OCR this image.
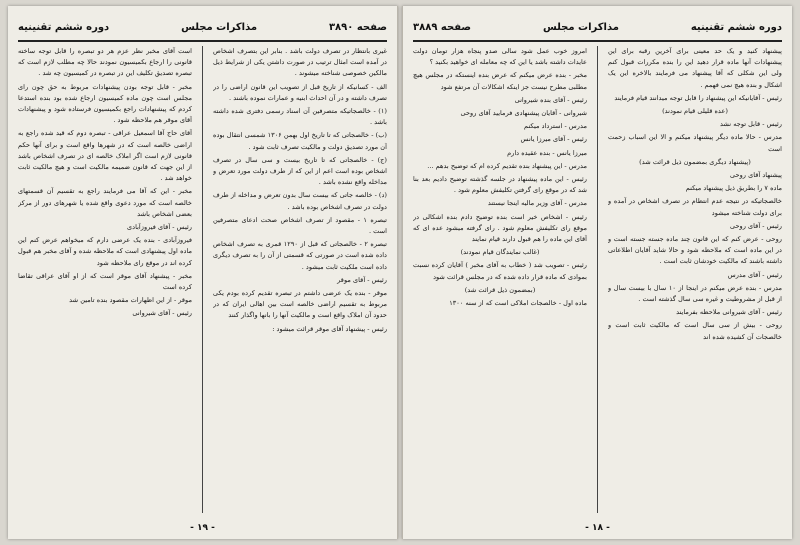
صفحه ۳۸۹۰
مذاکرات مجلس
دوره ششم تقنینیه

غیری بانتظار در تصرف دولت باشد . بنابر این بتصرف اشخاص در آمده است امثال ترتیب در صورت داشتن یکی از شرایط ذیل مالکین خصوصی شناخته میشوند .

الف - کسانیکه از تاریخ قبل از تصویب این قانون اراضی را در تصرف داشته و در آن احداث ابنیه و عمارات نموده باشند .

(۱) - خالصجاتیکه متصرفین آن اسناد رسمی دفتری شده داشته باشد .

(ب) - خالصجاتی که تا تاریخ اول بهمن ۱۳۰۶ شمسی انتقال بوده آن مورد تصدیق دولت و مالکیت تصرف ثابت شود .

(ج) - خالصجاتی که تا تاریخ بیست و سی سال در تصرف اشخاص بوده است اعم از این که از طرف دولت مورد تعرض و مداخله واقع نشده باشد .

(د) - خالصه جاتی که بیست سال بدون تعرض و مداخله از طرف دولت در تصرف اشخاص بوده باشد .

تبصره ۱ - مقصود از تصرف اشخاص صحت ادعای متصرفین است .

تبصره ۲ - خالصجاتی که قبل از ۱۲۹۰ قمری به تصرف اشخاص داده شده است در صورتی که قسمتی از آن را به تصرف دیگری داده است ملکیت ثابت میشود .

رئیس - آقای موقر

موقر - بنده یک عرضی داشتم در تبصره تقدیم کرده بودم یکی مربوط به تقسیم اراضی خالصه است بین اهالی ایران که در حدود آن املاک واقع است و مالکیت آنها را بانها واگذار کنند

رئیس - پیشنهاد آقای موقر قرائت میشود :

است آقای مخبر نظر عزم هر دو تبصره را قابل توجه ساخته قانونی را ارجاع بکمیسیون نمودند حالا چه مطلب لازم است که تبصره تصدیق تکلیف این در تبصره در کمیسیون چه شد .

مخبر - قابل توجه بودن پیشنهادات مربوط به حق چون رای مجلس است چون ماده کمیسیون ارجاع شده بود بنده استدعا کردم که پیشنهادات راجع بکمیسیون فرستاده شود و پیشنهادات آقای موقر هم ملاحظه شود .

آقای حاج آقا اسمعیل عراقی - تبصره دوم که قید شده راجع به اراضی خالصه است که در شهرها واقع است و برای آنها حکم قانونی لازم است اگر املاک خالصه ای در تصرف اشخاص باشد از این جهت که قانون ضمیمه مالکیت است و هیچ مالکیت ثابت خواهد شد .

مخبر - این که آقا می فرمایند راجع به تقسیم آن قسمتهای خالصه است که مورد دعوی واقع شده یا شهرهای دور از مرکز بعضی اشخاص باشد

رئیس - آقای فیروزآبادی

فیروزآبادی - بنده یک عرضی دارم که میخواهم عرض کنم این ماده اول پیشنهادی است که ملاحظه شده و آقای مخبر هم قبول کرده اند در موقع رای ملاحظه شود

مخبر - پیشنهاد آقای موقر است که از او آقای عراقی تقاضا کرده است

موقر - از این اظهارات مقصود بنده تامین شد

رئیس - آقای شیروانی

- ۱۹ -
دوره ششم تقنینیه
مذاکرات مجلس
صفحه ۳۸۸۹

پیشنهاد کنید و یک حد معینی برای آخرین رقبه برای این پیشنهادات آنها ماده قرار دهید این را بنده مکررات قبول کنم ولی این شکلی که آقا پیشنهاد می فرمایند بالاخره این یک اشکال و بنده هیچ نمی فهمم .

رئیس - آقایانیکه این پیشنهاد را قابل توجه میدانند قیام فرمایند

(عده قلیلی قیام نمودند)

رئیس - قابل توجه نشد

مدرس - حالا ماده دیگر پیشنهاد میکنم و الا این اسباب زحمت است

(پیشنهاد دیگری بمضمون ذیل قرائت شد)

پیشنهاد آقای روحی

ماده ۷ را بطریق ذیل پیشنهاد میکنم

خالصجاتیکه در نتیجه عدم انتظام در تصرف اشخاص در آمده و برای دولت شناخته میشود

رئیس - آقای روحی

روحی - عرض کنم که این قانون چند ماده جسته جسته است و در این ماده است که ملاحظه شود و حالا شاید آقایان اطلاعاتی داشته باشند که مالکیت خودشان ثابت است .

رئیس - آقای مدرس

مدرس - بنده عرض میکنم در اینجا از ۱۰ سال با بیست سال و از قبل از مشروطیت و غیره سی سال گذشته است .

رئیس - آقای شیروانی ملاحظه بفرمایند

روحی - بیش از سی سال است که مالکیت ثابت است و خالصجات آن کشیده شده اند

امروز خوب عمل شود سالی صدو پنجاه هزار تومان دولت عایدات داشته باشد یا این که چه معامله ای خواهید بکنید ؟

مخبر - بنده عرض میکنم که عرض بنده اینستکه در مجلس هیچ مطلبی مطرح نیست جز اینکه اشکالات آن مرتفع شود

رئیس - آقای بنده شیروانی

شیروانی - آقایان پیشنهادی فرمایید آقای روحی

مدرس - استرداد میکنم

رئیس - آقای میرزا یانس

میرزا یانس - بنده عقیده دارم

مدرس - این پیشنهاد بنده تقدیم کرده ام که توضیح بدهم ...

رئیس - این ماده پیشنهاد در جلسه گذشته توضیح دادیم بعد بنا شد که در موقع رای گرفتن تکلیفش معلوم شود .

مدرس - آقای وزیر مالیه اینجا نیستند

رئیس - اشخاص خیر است بنده توضیح دادم بنده اشکالی در موقع رای تکلیفش معلوم شود . رای گرفته میشود عده ای که آقای این ماده را هم قبول دارند قیام نمایند

(غالب نمایندگان قیام نمودند)

رئیس - تصویب شد ( خطاب به آقای مخبر ) آقایان کرده نسبت بموادی که ماده قرار داده شده که در مجلس قرائت شود

(بمضمون ذیل قرائت شد)

ماده اول - خالصجات املاکی است که از سنه ۱۳۰۰

- ۱۸ -
